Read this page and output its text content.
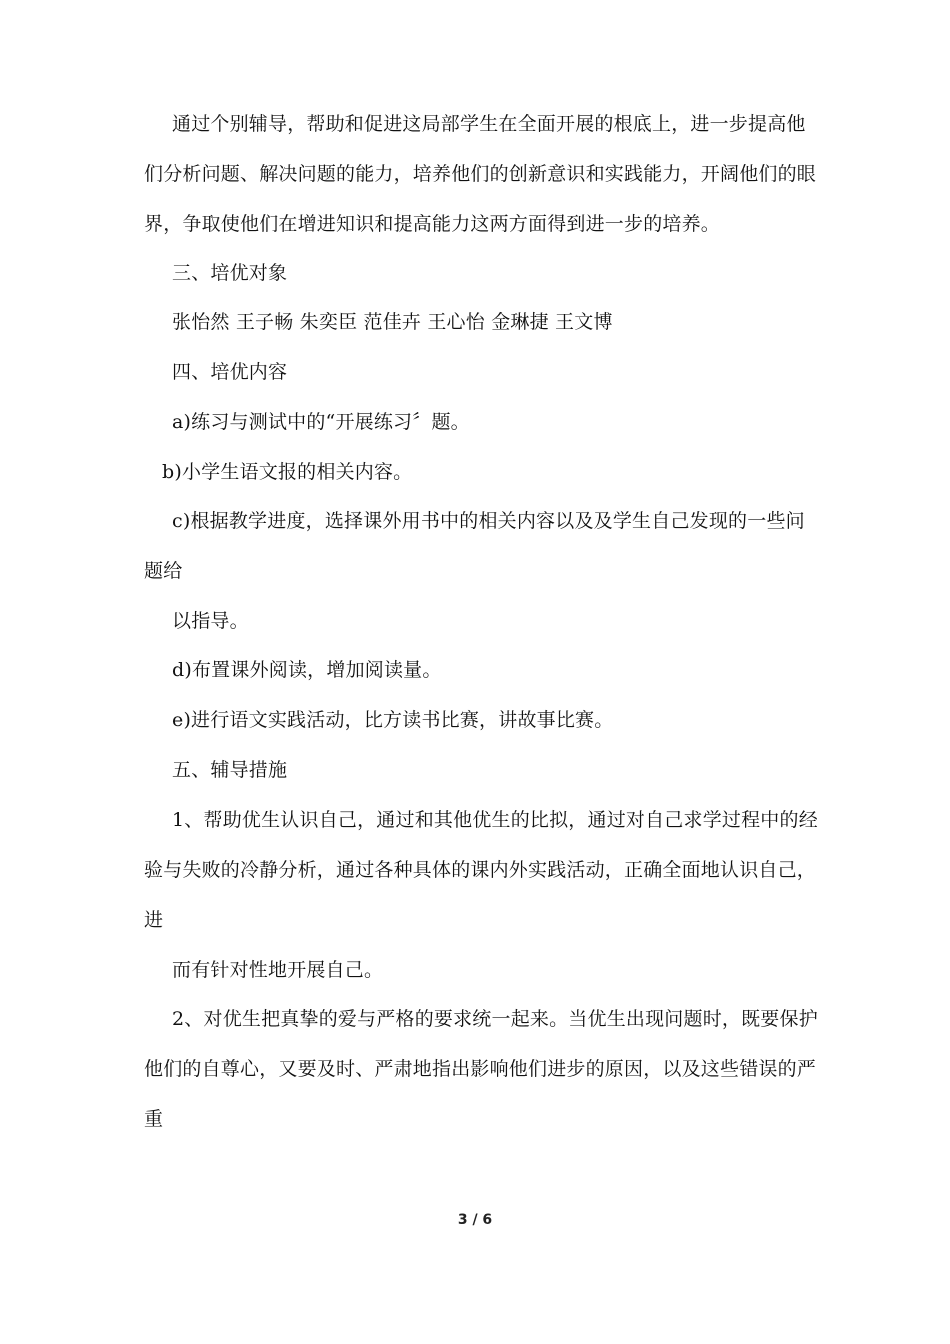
通过个别辅导，帮助和促进这局部学生在全面开展的根底上，进一步提高他
们分析问题、解决问题的能力，培养他们的创新意识和实践能力，开阔他们的眼
界，争取使他们在增进知识和提高能力这两方面得到进一步的培养。
三、培优对象
张怡然 王子畅 朱奕臣 范佳卉 王心怡 金琳捷 王文博
四、培优内容
a)练习与测试中的“开展练习〞题。
b)小学生语文报的相关内容。
c)根据教学进度，选择课外用书中的相关内容以及及学生自己发现的一些问
题给
以指导。
d)布置课外阅读，增加阅读量。
e)进行语文实践活动，比方读书比赛，讲故事比赛。
五、辅导措施
1、帮助优生认识自己，通过和其他优生的比拟，通过对自己求学过程中的经
验与失败的冷静分析，通过各种具体的课内外实践活动，正确全面地认识自己，
进
而有针对性地开展自己。
2、对优生把真挚的爱与严格的要求统一起来。当优生出现问题时，既要保护
他们的自尊心，又要及时、严肃地指出影响他们进步的原因，以及这些错误的严
重
3 / 6
